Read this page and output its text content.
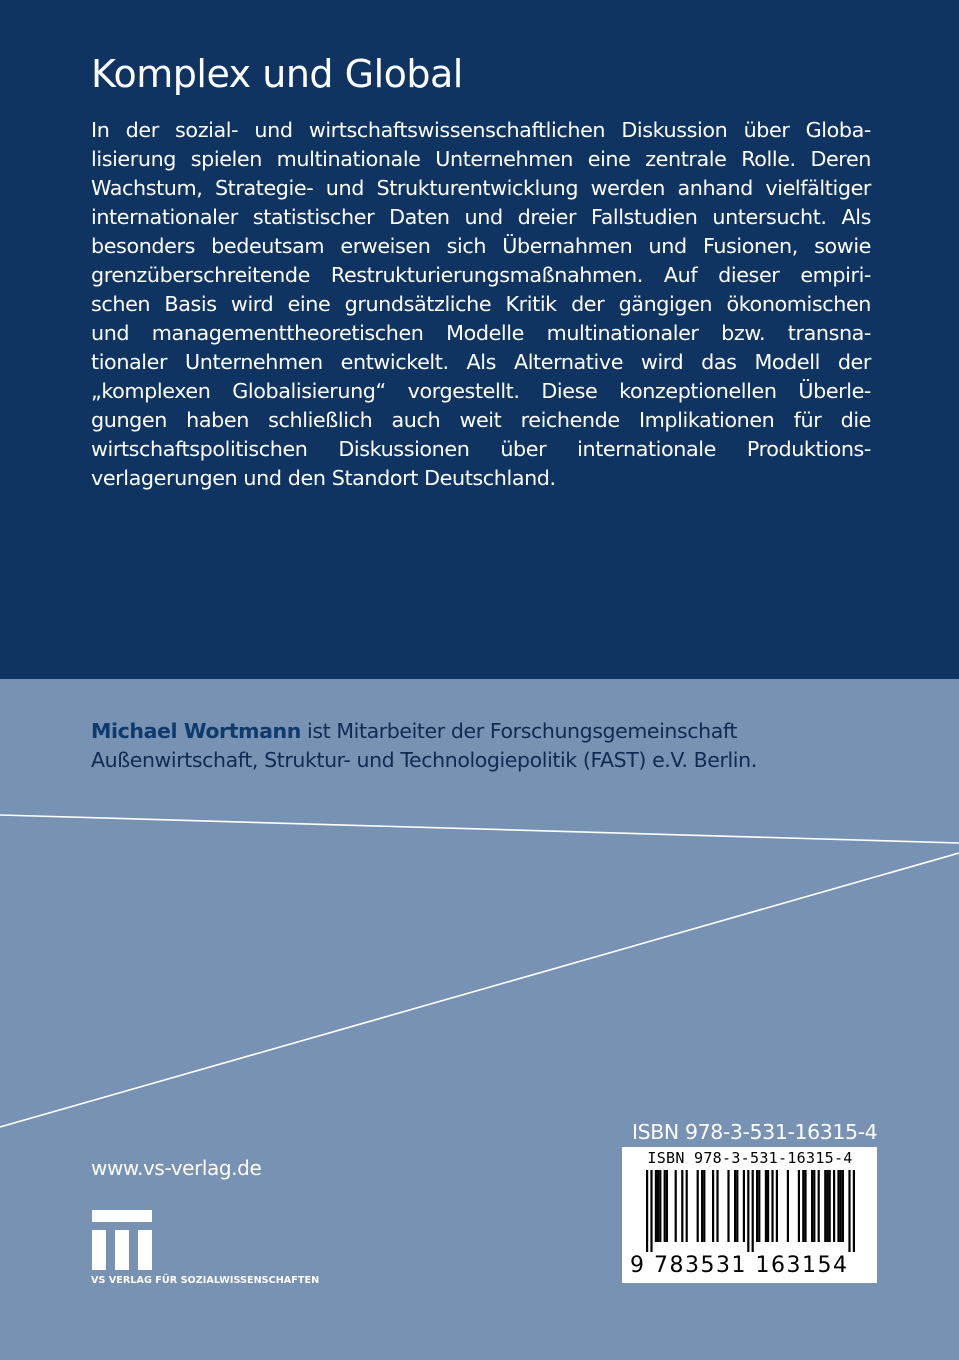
Komplex und Global
In der sozial- und wirtschaftswissenschaftlichen Diskussion über Globa-
lisierung spielen multinationale Unternehmen eine zentrale Rolle. Deren
Wachstum, Strategie- und Strukturentwicklung werden anhand vielfältiger
internationaler statistischer Daten und dreier Fallstudien untersucht. Als
besonders bedeutsam erweisen sich Übernahmen und Fusionen, sowie
grenzüberschreitende Restrukturierungsmaßnahmen. Auf dieser empiri-
schen Basis wird eine grundsätzliche Kritik der gängigen ökonomischen
und managementtheoretischen Modelle multinationaler bzw. transna-
tionaler Unternehmen entwickelt. Als Alternative wird das Modell der
„komplexen Globalisierung“ vorgestellt. Diese konzeptionellen Überle-
gungen haben schließlich auch weit reichende Implikationen für die
wirtschaftspolitischen Diskussionen über internationale Produktions-
verlagerungen und den Standort Deutschland.
Michael Wortmann ist Mitarbeiter der Forschungsgemeinschaft
Außenwirtschaft, Struktur- und Technologiepolitik (FAST) e.V. Berlin.
www.vs-verlag.de
VS VERLAG FÜR SOZIALWISSENSCHAFTEN
ISBN 978-3-531-16315-4
ISBN 978-3-531-16315-4
9 783531 163154
